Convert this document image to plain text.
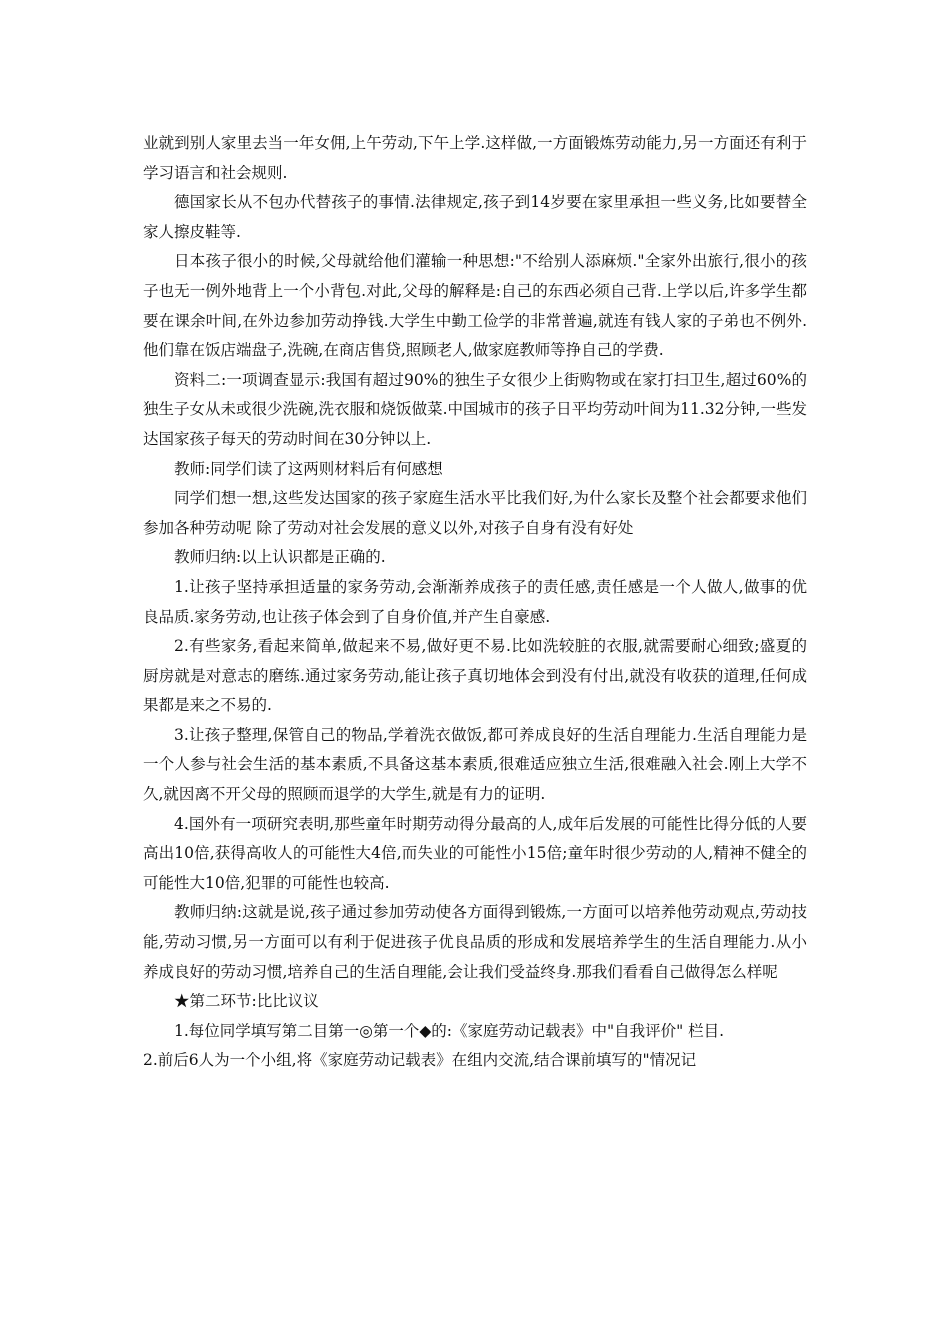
业就到别人家里去当一年女佣,上午劳动,下午上学.这样做,一方面锻炼劳动能力,另一方面还有利于学习语言和社会规则.

德国家长从不包办代替孩子的事情.法律规定,孩子到14岁要在家里承担一些义务,比如要替全家人擦皮鞋等.

日本孩子很小的时候,父母就给他们灌输一种思想:"不给别人添麻烦."全家外出旅行,很小的孩子也无一例外地背上一个小背包.对此,父母的解释是:自己的东西必须自己背.上学以后,许多学生都要在课余叶间,在外边参加劳动挣钱.大学生中勤工俭学的非常普遍,就连有钱人家的子弟也不例外.他们靠在饭店端盘子,洗碗,在商店售贷,照顾老人,做家庭教师等挣自己的学费.

资料二:一项调查显示:我国有超过90%的独生子女很少上街购物或在家打扫卫生,超过60%的独生子女从未或很少洗碗,洗衣服和烧饭做菜.中国城市的孩子日平均劳动叶间为11.32分钟,一些发达国家孩子每天的劳动时间在30分钟以上.

教师:同学们读了这两则材料后有何感想

同学们想一想,这些发达国家的孩子家庭生活水平比我们好,为什么家长及整个社会都要求他们参加各种劳动呢 除了劳动对社会发展的意义以外,对孩子自身有没有好处

教师归纳:以上认识都是正确的.

1.让孩子坚持承担适量的家务劳动,会渐渐养成孩子的责任感,责任感是一个人做人,做事的优良品质.家务劳动,也让孩子体会到了自身价值,并产生自豪感.

2.有些家务,看起来简单,做起来不易,做好更不易.比如洗较脏的衣服,就需要耐心细致;盛夏的厨房就是对意志的磨练.通过家务劳动,能让孩子真切地体会到没有付出,就没有收获的道理,任何成果都是来之不易的.

3.让孩子整理,保管自己的物品,学着洗衣做饭,都可养成良好的生活自理能力.生活自理能力是一个人参与社会生活的基本素质,不具备这基本素质,很难适应独立生活,很难融入社会.刚上大学不久,就因离不开父母的照顾而退学的大学生,就是有力的证明.

4.国外有一项研究表明,那些童年时期劳动得分最高的人,成年后发展的可能性比得分低的人要高出10倍,获得高收人的可能性大4倍,而失业的可能性小15倍;童年时很少劳动的人,精神不健全的可能性大10倍,犯罪的可能性也较高.

教师归纳:这就是说,孩子通过参加劳动使各方面得到锻炼,一方面可以培养他劳动观点,劳动技能,劳动习惯,另一方面可以有利于促进孩子优良品质的形成和发展培养学生的生活自理能力.从小养成良好的劳动习惯,培养自己的生活自理能,会让我们受益终身.那我们看看自己做得怎么样呢

★第二环节:比比议议

1.每位同学填写第二目第一◎第一个◆的:《家庭劳动记载表》中"自我评价" 栏目.

2.前后6人为一个小组,将《家庭劳动记载表》在组内交流,结合课前填写的"情况记
